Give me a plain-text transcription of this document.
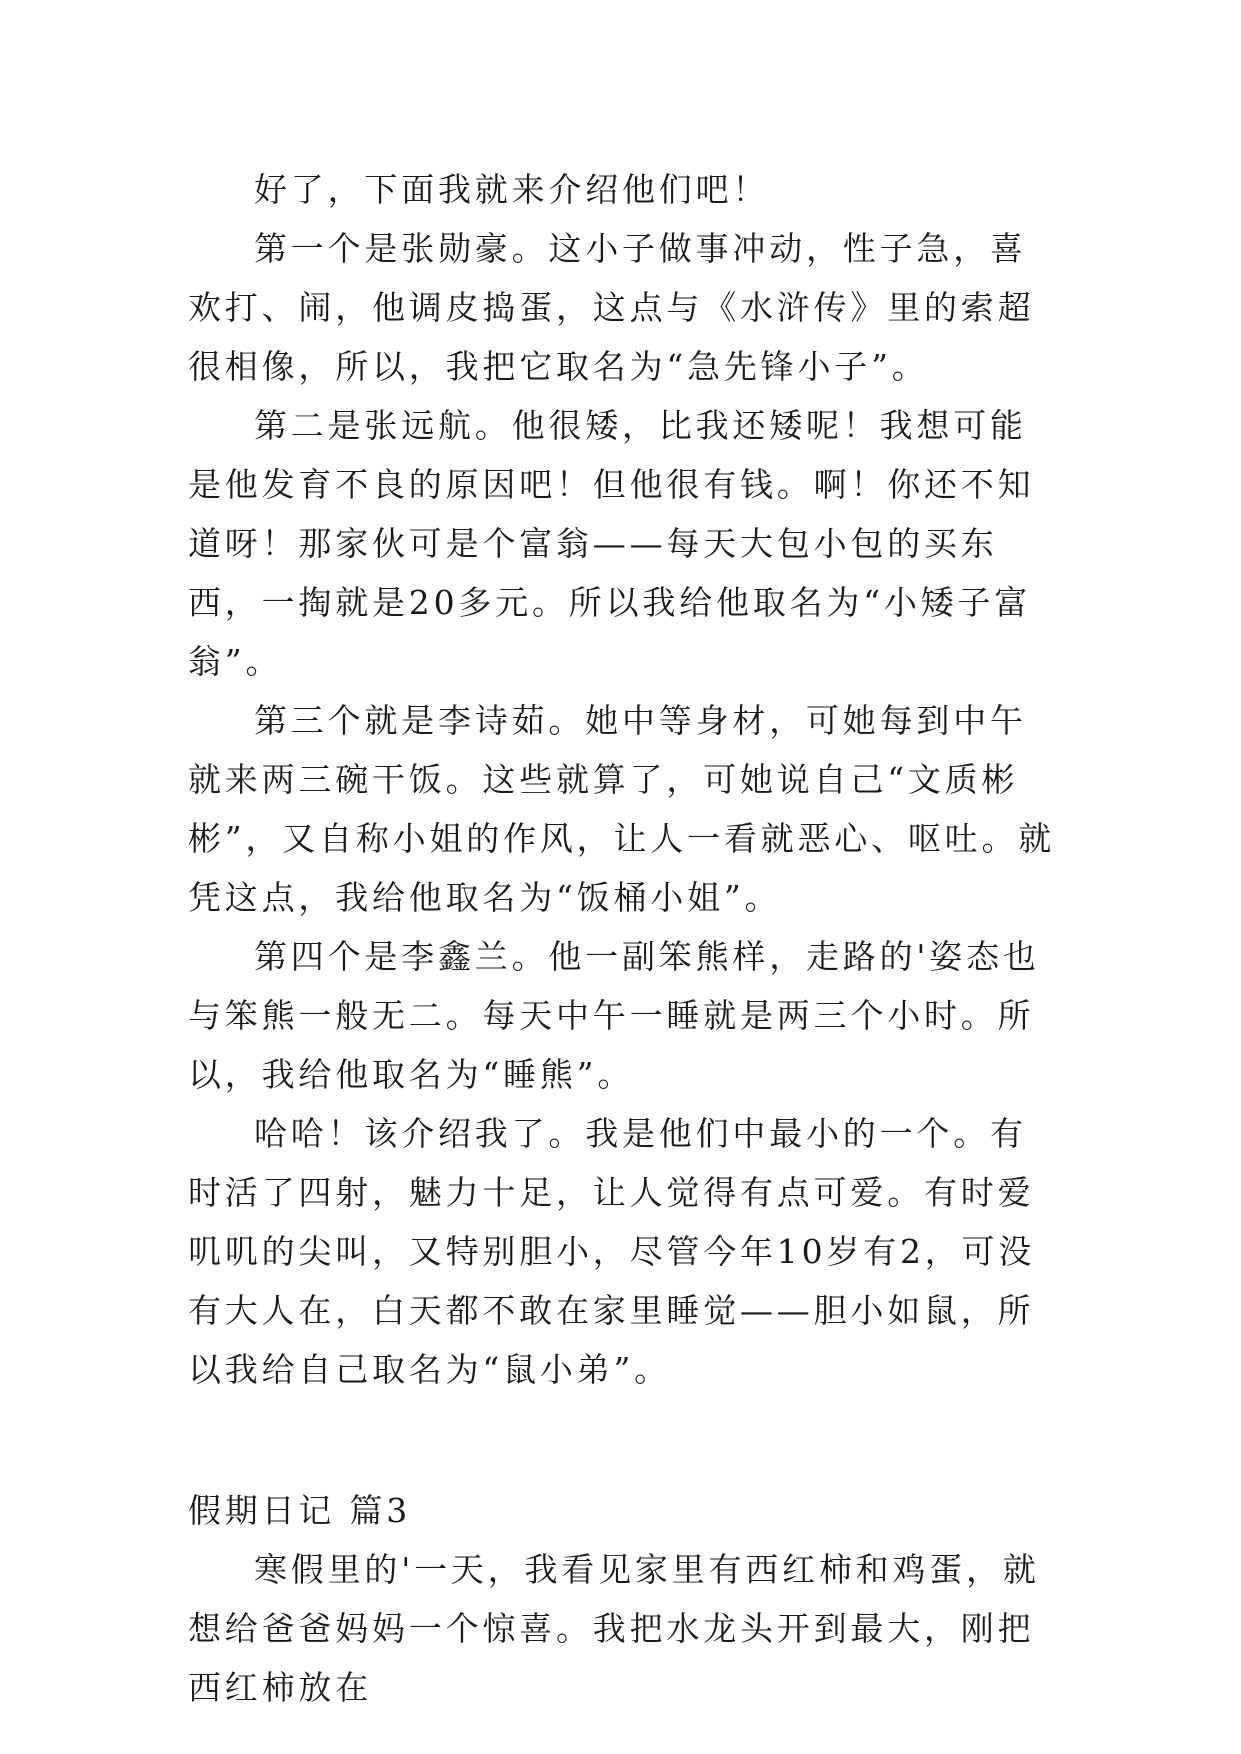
好了，下面我就来介绍他们吧！

第一个是张勋豪。这小子做事冲动，性子急，喜欢打、闹，他调皮捣蛋，这点与《水浒传》里的索超很相像，所以，我把它取名为“急先锋小子”。

第二是张远航。他很矮，比我还矮呢！我想可能是他发育不良的原因吧！但他很有钱。啊！你还不知道呀！那家伙可是个富翁——每天大包小包的买东西，一掏就是20多元。所以我给他取名为“小矮子富翁”。

第三个就是李诗茹。她中等身材，可她每到中午就来两三碗干饭。这些就算了，可她说自己“文质彬彬”，又自称小姐的作风，让人一看就恶心、呕吐。就凭这点，我给他取名为“饭桶小姐”。

第四个是李鑫兰。他一副笨熊样，走路的'姿态也与笨熊一般无二。每天中午一睡就是两三个小时。所以，我给他取名为“睡熊”。

哈哈！该介绍我了。我是他们中最小的一个。有时活了四射，魅力十足，让人觉得有点可爱。有时爱叽叽的尖叫，又特别胆小，尽管今年10岁有2，可没有大人在，白天都不敢在家里睡觉——胆小如鼠，所以我给自己取名为“鼠小弟”。

假期日记 篇3

寒假里的'一天，我看见家里有西红柿和鸡蛋，就想给爸爸妈妈一个惊喜。我把水龙头开到最大，刚把西红柿放在
